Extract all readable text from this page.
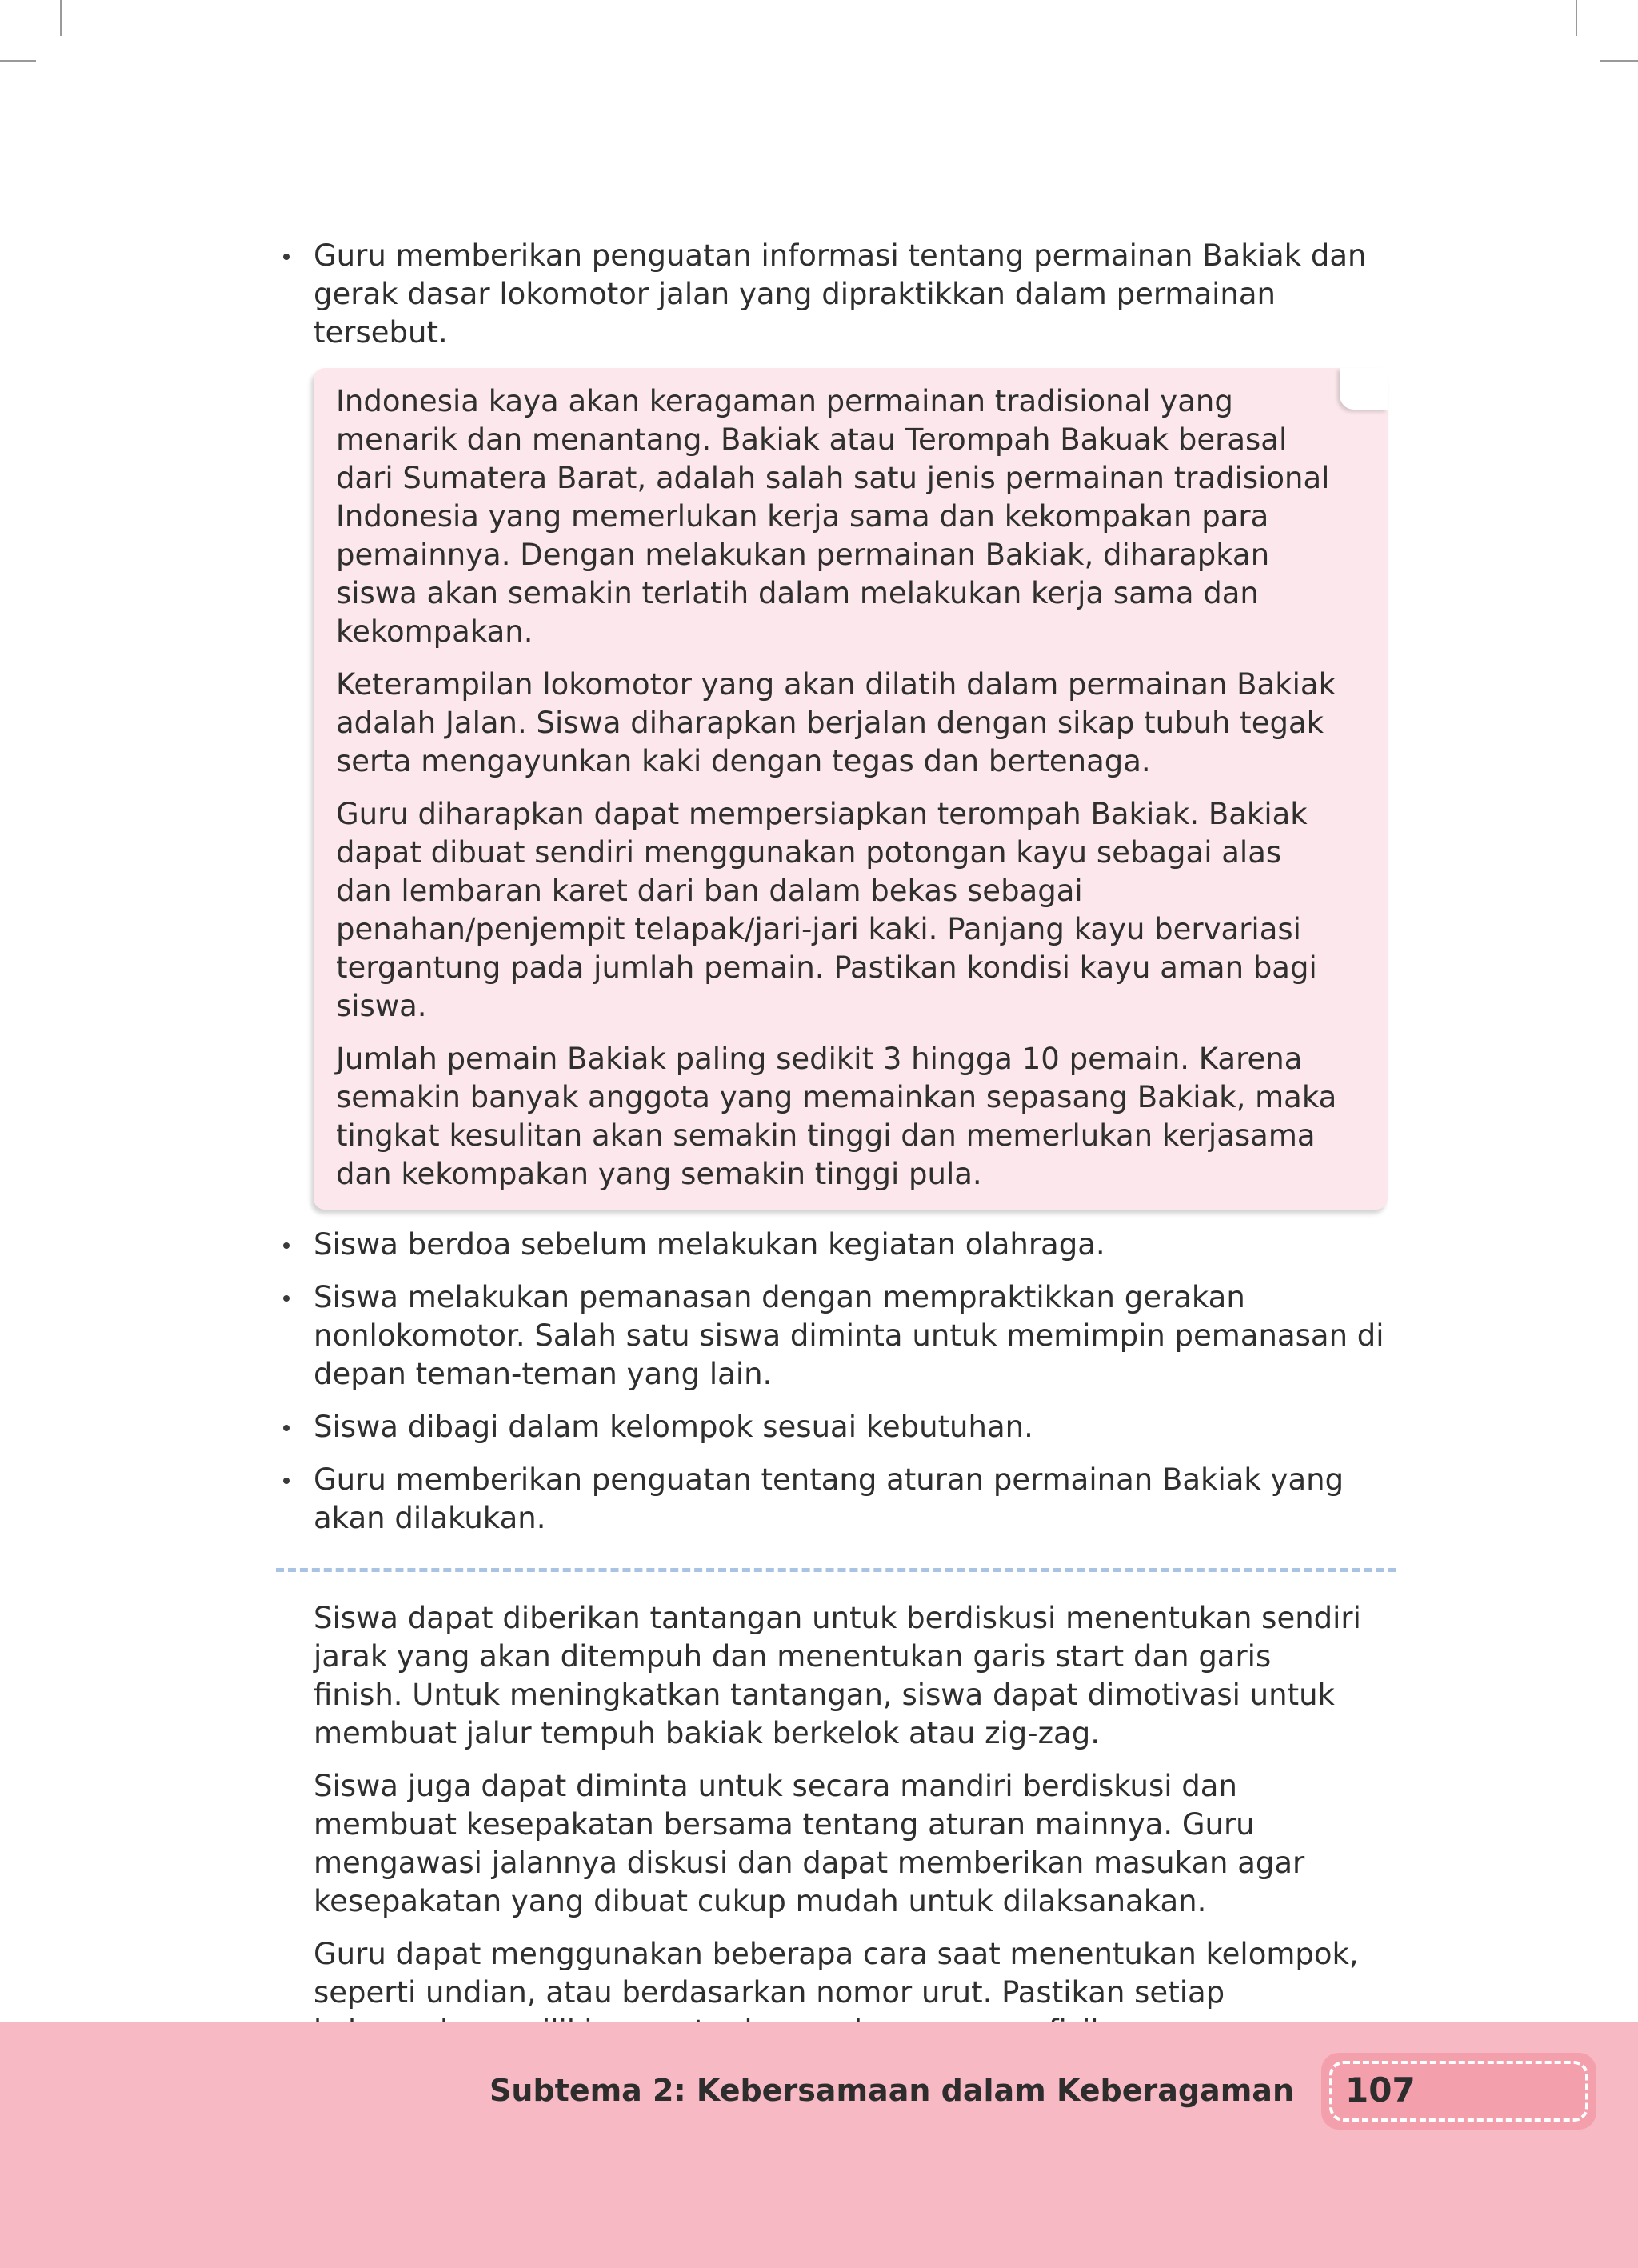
Guru memberikan penguatan informasi tentang permainan Bakiak dan gerak dasar lokomotor jalan yang dipraktikkan dalam permainan tersebut.

Indonesia kaya akan keragaman permainan tradisional yang menarik dan menantang. Bakiak atau Terompah Bakuak berasal dari Sumatera Barat, adalah salah satu jenis permainan tradisional Indonesia yang memerlukan kerja sama dan kekompakan para pemainnya. Dengan melakukan permainan Bakiak, diharapkan siswa akan semakin terlatih dalam melakukan kerja sama dan kekompakan.

Keterampilan lokomotor yang akan dilatih dalam permainan Bakiak adalah Jalan. Siswa diharapkan berjalan dengan sikap tubuh tegak serta mengayunkan kaki dengan tegas dan bertenaga.

Guru diharapkan dapat mempersiapkan terompah Bakiak. Bakiak dapat dibuat sendiri menggunakan potongan kayu sebagai alas dan lembaran karet dari ban dalam bekas sebagai penahan/penjempit telapak/jari-jari kaki. Panjang kayu bervariasi tergantung pada jumlah pemain. Pastikan kondisi kayu aman bagi siswa.

Jumlah pemain Bakiak paling sedikit 3 hingga 10 pemain. Karena semakin banyak anggota yang memainkan sepasang Bakiak, maka tingkat kesulitan akan semakin tinggi dan memerlukan kerjasama dan kekompakan yang semakin tinggi pula.

Siswa berdoa sebelum melakukan kegiatan olahraga.
Siswa melakukan pemanasan dengan mempraktikkan gerakan nonlokomotor. Salah satu siswa diminta untuk memimpin pemanasan di depan teman-teman yang lain.
Siswa dibagi dalam kelompok sesuai kebutuhan.
Guru memberikan penguatan tentang aturan permainan Bakiak yang akan dilakukan.

Siswa dapat diberikan tantangan untuk berdiskusi menentukan sendiri jarak yang akan ditempuh dan menentukan garis start dan garis finish. Untuk meningkatkan tantangan, siswa dapat dimotivasi untuk membuat jalur tempuh bakiak berkelok atau zig-zag.

Siswa juga dapat diminta untuk secara mandiri berdiskusi dan membuat kesepakatan bersama tentang aturan mainnya. Guru mengawasi jalannya diskusi dan dapat memberikan masukan agar kesepakatan yang dibuat cukup mudah untuk dilaksanakan.

Guru dapat menggunakan beberapa cara saat menentukan kelompok, seperti undian, atau berdasarkan nomor urut. Pastikan setiap

Subtema 2: Kebersamaan dalam Keberagaman 107
